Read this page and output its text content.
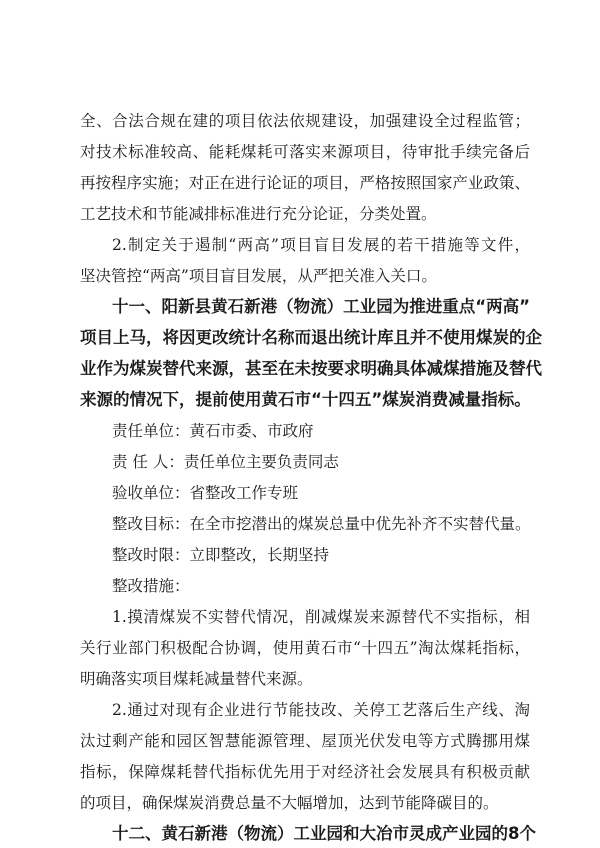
全、合法合规在建的项目依法依规建设，加强建设全过程监管；
对技术标准较高、能耗煤耗可落实来源项目，待审批手续完备后
再按程序实施；对正在进行论证的项目，严格按照国家产业政策、
工艺技术和节能减排标准进行充分论证，分类处置。
2.制定关于遏制“两高”项目盲目发展的若干措施等文件，
坚决管控“两高”项目盲目发展，从严把关准入关口。
十一、阳新县黄石新港（物流）工业园为推进重点“两高”
项目上马，将因更改统计名称而退出统计库且并不使用煤炭的企
业作为煤炭替代来源，甚至在未按要求明确具体减煤措施及替代
来源的情况下，提前使用黄石市“十四五”煤炭消费减量指标。
责任单位：黄石市委、市政府
责 任 人：责任单位主要负责同志
验收单位：省整改工作专班
整改目标：在全市挖潜出的煤炭总量中优先补齐不实替代量。
整改时限：立即整改，长期坚持
整改措施：
1.摸清煤炭不实替代情况，削减煤炭来源替代不实指标，相
关行业部门积极配合协调，使用黄石市“十四五”淘汰煤耗指标，
明确落实项目煤耗减量替代来源。
2.通过对现有企业进行节能技改、关停工艺落后生产线、淘
汰过剩产能和园区智慧能源管理、屋顶光伏发电等方式腾挪用煤
指标，保障煤耗替代指标优先用于对经济社会发展具有积极贡献
的项目，确保煤炭消费总量不大幅增加，达到节能降碳目的。
十二、黄石新港（物流）工业园和大冶市灵成产业园的8个
